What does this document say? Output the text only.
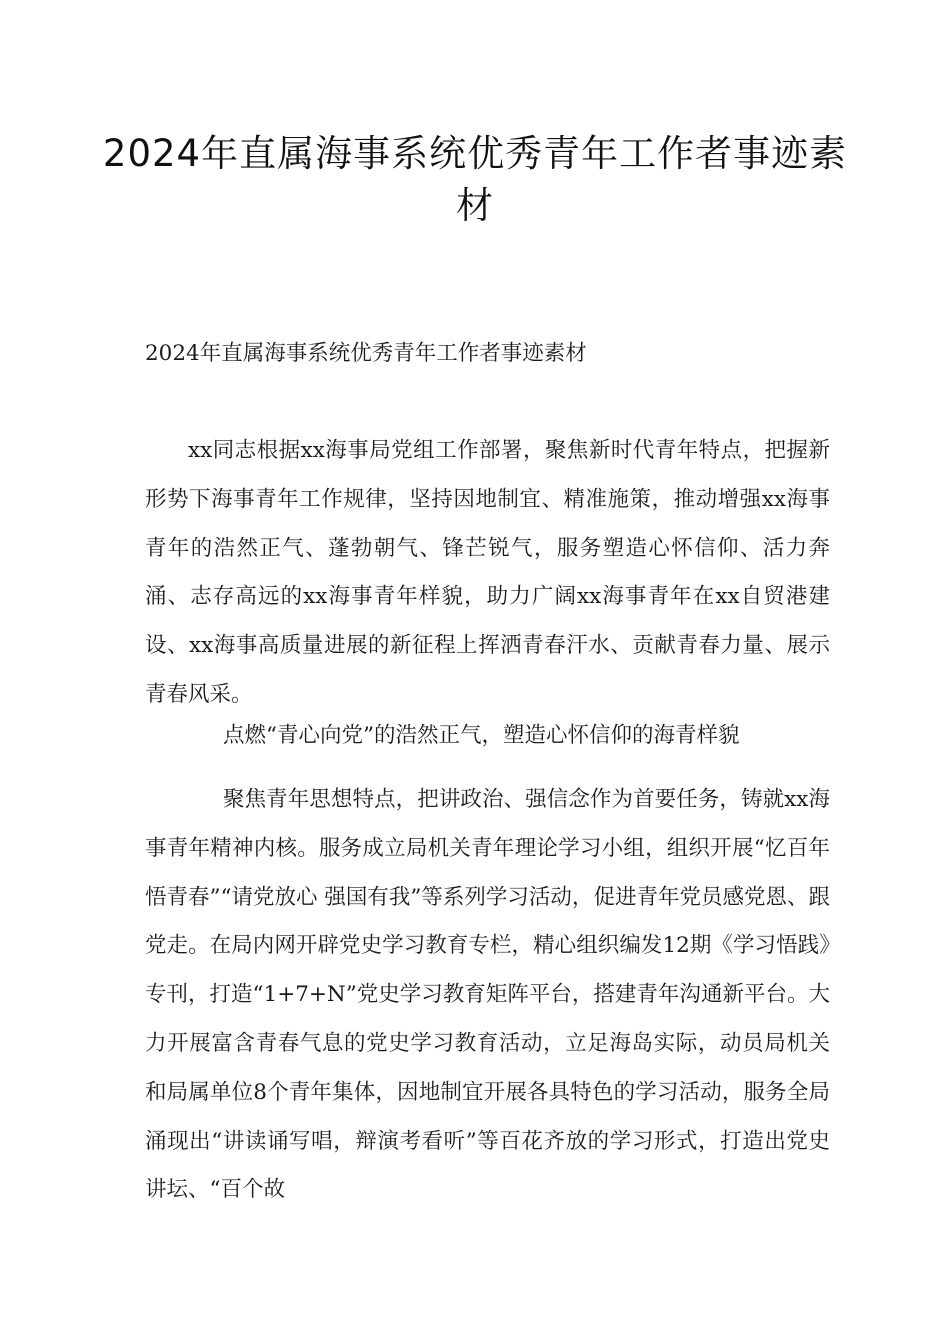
2024年直属海事系统优秀青年工作者事迹素材

2024年直属海事系统优秀青年工作者事迹素材

xx同志根据xx海事局党组工作部署，聚焦新时代青年特点，把握新形势下海事青年工作规律，坚持因地制宜、精准施策，推动增强xx海事青年的浩然正气、蓬勃朝气、锋芒锐气，服务塑造心怀信仰、活力奔涌、志存高远的xx海事青年样貌，助力广阔xx海事青年在xx自贸港建设、xx海事高质量进展的新征程上挥洒青春汗水、贡献青春力量、展示青春风采。

点燃“青心向党”的浩然正气，塑造心怀信仰的海青样貌

聚焦青年思想特点，把讲政治、强信念作为首要任务，铸就xx海事青年精神内核。服务成立局机关青年理论学习小组，组织开展“忆百年 悟青春”“请党放心 强国有我”等系列学习活动，促进青年党员感党恩、跟党走。在局内网开辟党史学习教育专栏，精心组织编发12期《学习悟践》专刊，打造“1+7+N”党史学习教育矩阵平台，搭建青年沟通新平台。大力开展富含青春气息的党史学习教育活动，立足海岛实际，动员局机关和局属单位8个青年集体，因地制宜开展各具特色的学习活动，服务全局涌现出“讲读诵写唱，辩演考看听”等百花齐放的学习形式，打造出党史讲坛、“百个故
